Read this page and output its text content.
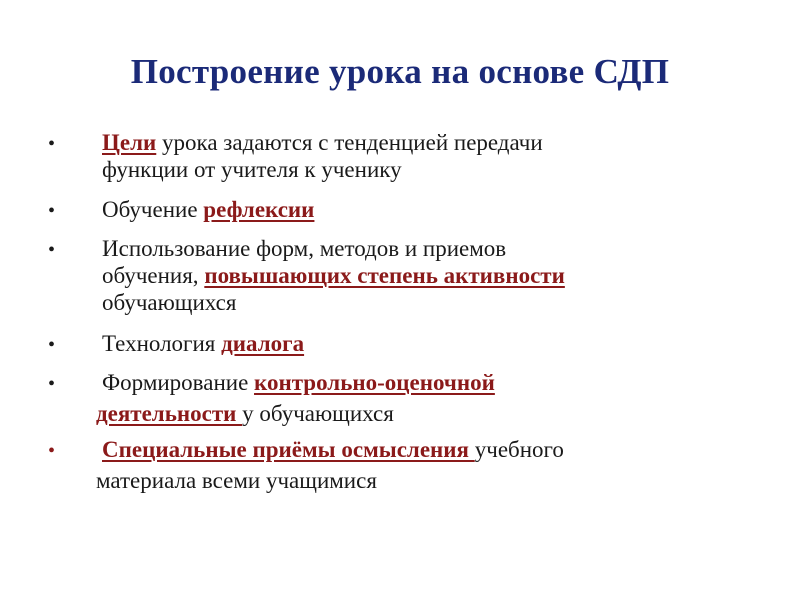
Построение урока на основе СДП
• Цели урока задаются с тенденцией передачи
функции от учителя к ученику
• Обучение рефлексии
• Использование форм, методов и приемов
обучения, повышающих степень активности
обучающихся
• Технология диалога
• Формирование контрольно-оценочной
деятельности у обучающихся
• Специальные приёмы осмысления учебного
материала всеми учащимися
